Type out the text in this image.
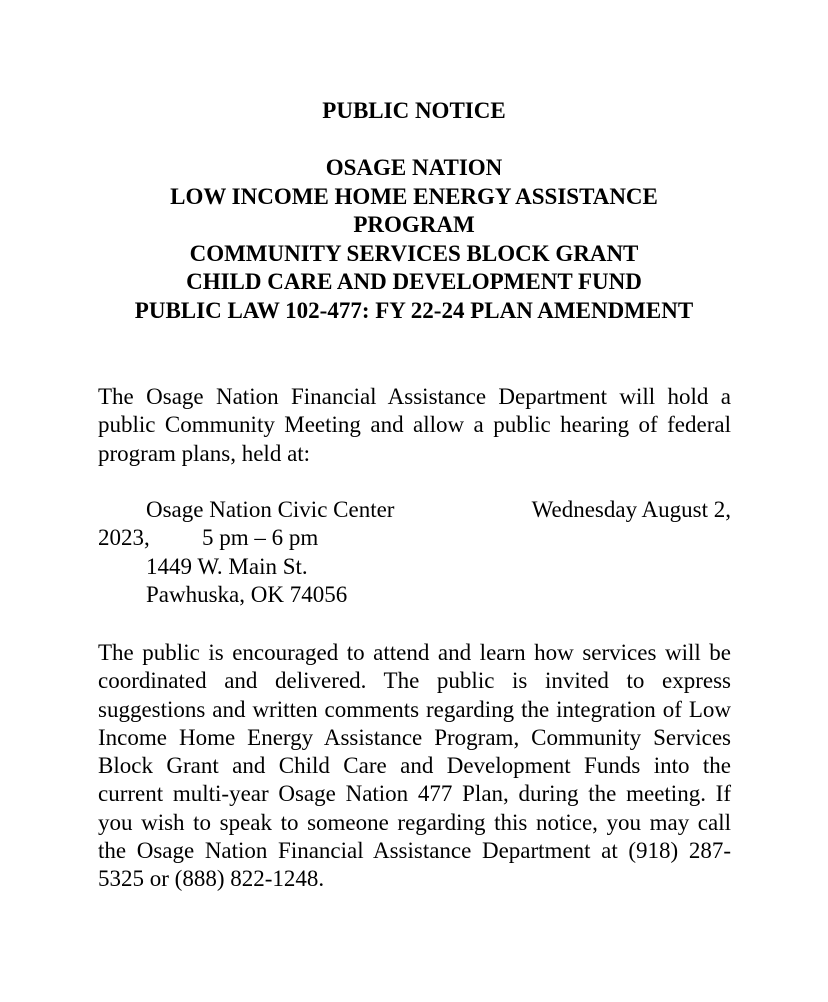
PUBLIC NOTICE
OSAGE NATION
LOW INCOME HOME ENERGY ASSISTANCE
PROGRAM
COMMUNITY SERVICES BLOCK GRANT
CHILD CARE AND DEVELOPMENT FUND
PUBLIC LAW 102-477: FY 22-24 PLAN AMENDMENT

The Osage Nation Financial Assistance Department will hold a public Community Meeting and allow a public hearing of federal program plans, held at:

Osage Nation Civic Center	Wednesday August 2,
2023, 5 pm – 6 pm
1449 W. Main St.
Pawhuska, OK 74056

The public is encouraged to attend and learn how services will be coordinated and delivered. The public is invited to express suggestions and written comments regarding the integration of Low Income Home Energy Assistance Program, Community Services Block Grant and Child Care and Development Funds into the current multi-year Osage Nation 477 Plan, during the meeting. If you wish to speak to someone regarding this notice, you may call the Osage Nation Financial Assistance Department at (918) 287-5325 or (888) 822-1248.
